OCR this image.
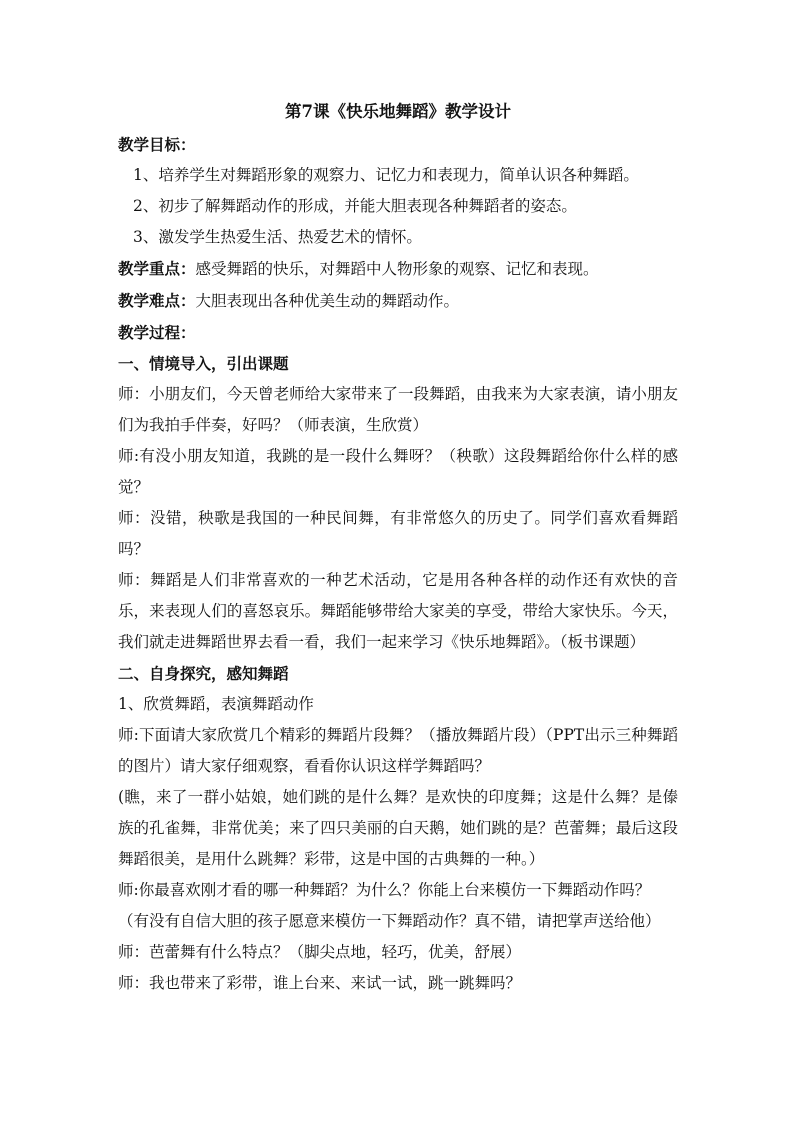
第7课《快乐地舞蹈》教学设计

教学目标：

1、培养学生对舞蹈形象的观察力、记忆力和表现力，简单认识各种舞蹈。

2、初步了解舞蹈动作的形成，并能大胆表现各种舞蹈者的姿态。

3、激发学生热爱生活、热爱艺术的情怀。

教学重点：感受舞蹈的快乐，对舞蹈中人物形象的观察、记忆和表现。

教学难点：大胆表现出各种优美生动的舞蹈动作。

教学过程：

一、情境导入，引出课题

师：小朋友们，今天曾老师给大家带来了一段舞蹈，由我来为大家表演，请小朋友们为我拍手伴奏，好吗？（师表演，生欣赏）

师:有没小朋友知道，我跳的是一段什么舞呀？（秧歌）这段舞蹈给你什么样的感觉？

师：没错，秧歌是我国的一种民间舞，有非常悠久的历史了。同学们喜欢看舞蹈吗？

师：舞蹈是人们非常喜欢的一种艺术活动，它是用各种各样的动作还有欢快的音乐，来表现人们的喜怒哀乐。舞蹈能够带给大家美的享受，带给大家快乐。今天，我们就走进舞蹈世界去看一看，我们一起来学习《快乐地舞蹈》。（板书课题）

二、自身探究，感知舞蹈

1、欣赏舞蹈，表演舞蹈动作

师:下面请大家欣赏几个精彩的舞蹈片段舞？（播放舞蹈片段）（PPT出示三种舞蹈的图片）请大家仔细观察，看看你认识这样学舞蹈吗？

(瞧，来了一群小姑娘，她们跳的是什么舞？是欢快的印度舞；这是什么舞？是傣族的孔雀舞，非常优美；来了四只美丽的白天鹅，她们跳的是？芭蕾舞；最后这段舞蹈很美，是用什么跳舞？彩带，这是中国的古典舞的一种。）

师:你最喜欢刚才看的哪一种舞蹈？为什么？你能上台来模仿一下舞蹈动作吗？

（有没有自信大胆的孩子愿意来模仿一下舞蹈动作？真不错，请把掌声送给他）

师：芭蕾舞有什么特点？（脚尖点地，轻巧，优美，舒展）

师：我也带来了彩带，谁上台来、来试一试，跳一跳舞吗？
